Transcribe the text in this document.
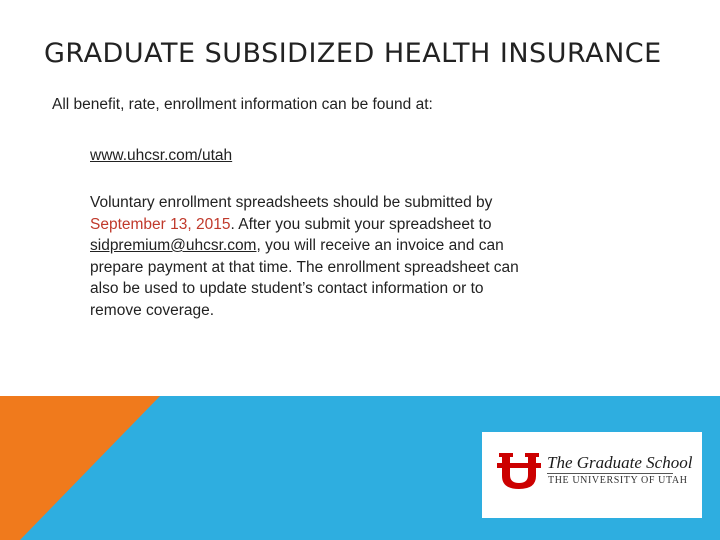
GRADUATE SUBSIDIZED HEALTH INSURANCE
All benefit, rate, enrollment information can be found at:
www.uhcsr.com/utah
Voluntary enrollment spreadsheets should be submitted by
September 13, 2015. After you submit your spreadsheet to
sidpremium@uhcsr.com, you will receive an invoice and can
prepare payment at that time. The enrollment spreadsheet can
also be used to update student’s contact information or to
remove coverage.
The Graduate School
THE UNIVERSITY OF UTAH
